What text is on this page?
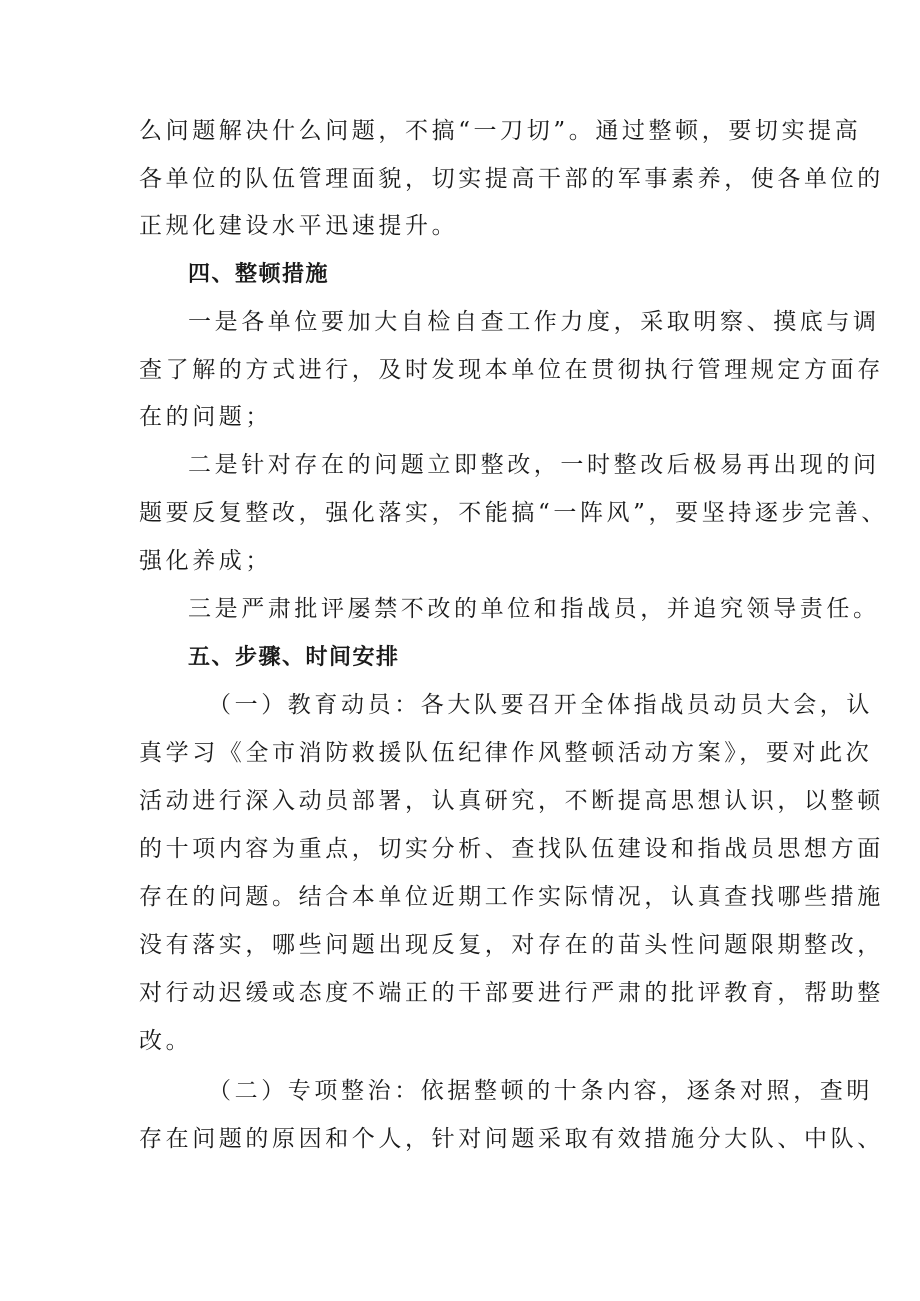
么问题解决什么问题，不搞“一刀切”。通过整顿，要切实提高
各单位的队伍管理面貌，切实提高干部的军事素养，使各单位的
正规化建设水平迅速提升。
四、整顿措施
一是各单位要加大自检自查工作力度，采取明察、摸底与调
查了解的方式进行，及时发现本单位在贯彻执行管理规定方面存
在的问题；
二是针对存在的问题立即整改，一时整改后极易再出现的问
题要反复整改，强化落实，不能搞“一阵风”，要坚持逐步完善、
强化养成；
三是严肃批评屡禁不改的单位和指战员，并追究领导责任。
五、步骤、时间安排
（一）教育动员：各大队要召开全体指战员动员大会，认
真学习《全市消防救援队伍纪律作风整顿活动方案》，要对此次
活动进行深入动员部署，认真研究，不断提高思想认识，以整顿
的十项内容为重点，切实分析、查找队伍建设和指战员思想方面
存在的问题。结合本单位近期工作实际情况，认真查找哪些措施
没有落实，哪些问题出现反复，对存在的苗头性问题限期整改，
对行动迟缓或态度不端正的干部要进行严肃的批评教育，帮助整
改。
（二）专项整治：依据整顿的十条内容，逐条对照，查明
存在问题的原因和个人，针对问题采取有效措施分大队、中队、
